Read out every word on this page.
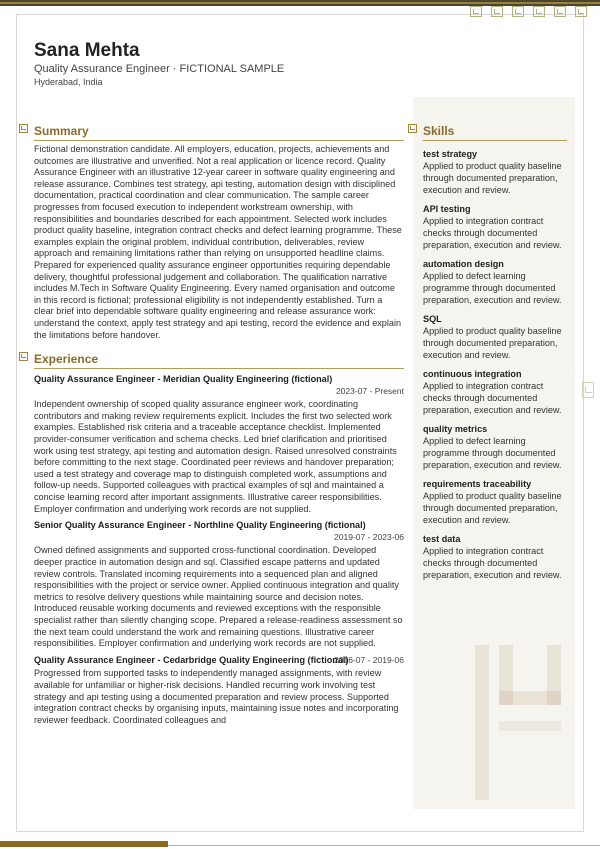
Sana Mehta
Quality Assurance Engineer · FICTIONAL SAMPLE
Hyderabad, India
Summary

Fictional demonstration candidate. All employers, education, projects, achievements and outcomes are illustrative and unverified. Not a real application or licence record. Quality Assurance Engineer with an illustrative 12-year career in software quality engineering and release assurance. Combines test strategy, api testing, automation design with disciplined documentation, practical coordination and clear communication. The sample career progresses from focused execution to independent workstream ownership, with responsibilities and boundaries described for each appointment. Selected work includes product quality baseline, integration contract checks and defect learning programme. These examples explain the original problem, individual contribution, deliverables, review approach and remaining limitations rather than relying on unsupported headline claims. Prepared for experienced quality assurance engineer opportunities requiring dependable delivery, thoughtful professional judgement and collaboration. The qualification narrative includes M.Tech in Software Quality Engineering. Every named organisation and outcome in this record is fictional; professional eligibility is not independently established. Turn a clear brief into dependable software quality engineering and release assurance work: understand the context, apply test strategy and api testing, record the evidence and explain the limitations before handover.

Experience
Quality Assurance Engineer - Meridian Quality Engineering (fictional)
2023-07 - Present

Independent ownership of scoped quality assurance engineer work, coordinating contributors and making review requirements explicit. Includes the first two selected work examples. Established risk criteria and a traceable acceptance checklist. Implemented provider-consumer verification and schema checks. Led brief clarification and prioritised work using test strategy, api testing and automation design. Raised unresolved constraints before committing to the next stage. Coordinated peer reviews and handover preparation; used a test strategy and coverage map to distinguish completed work, assumptions and follow-up needs. Supported colleagues with practical examples of sql and maintained a concise learning record after important assignments. Illustrative career responsibilities. Employer confirmation and underlying work records are not supplied.

Senior Quality Assurance Engineer - Northline Quality Engineering (fictional)
2019-07 - 2023-06

Owned defined assignments and supported cross-functional coordination. Developed deeper practice in automation design and sql. Classified escape patterns and updated review controls. Translated incoming requirements into a sequenced plan and aligned responsibilities with the project or service owner. Applied continuous integration and quality metrics to resolve delivery questions while maintaining source and decision notes. Introduced reusable working documents and reviewed exceptions with the responsible specialist rather than silently changing scope. Prepared a release-readiness assessment so the next team could understand the work and remaining questions. Illustrative career responsibilities. Employer confirmation and underlying work records are not supplied.

Quality Assurance Engineer - Cedarbridge Quality Engineering (fictional)
2016-07 - 2019-06

Progressed from supported tasks to independently managed assignments, with review available for unfamiliar or higher-risk decisions. Handled recurring work involving test strategy and api testing using a documented preparation and review process. Supported integration contract checks by organising inputs, maintaining issue notes and incorporating reviewer feedback. Coordinated colleagues and

Skills
test strategy
Applied to product quality baseline through documented preparation, execution and review.
API testing
Applied to integration contract checks through documented preparation, execution and review.
automation design
Applied to defect learning programme through documented preparation, execution and review.
SQL
Applied to product quality baseline through documented preparation, execution and review.
continuous integration
Applied to integration contract checks through documented preparation, execution and review.
quality metrics
Applied to defect learning programme through documented preparation, execution and review.
requirements traceability
Applied to product quality baseline through documented preparation, execution and review.
test data
Applied to integration contract checks through documented preparation, execution and review.
